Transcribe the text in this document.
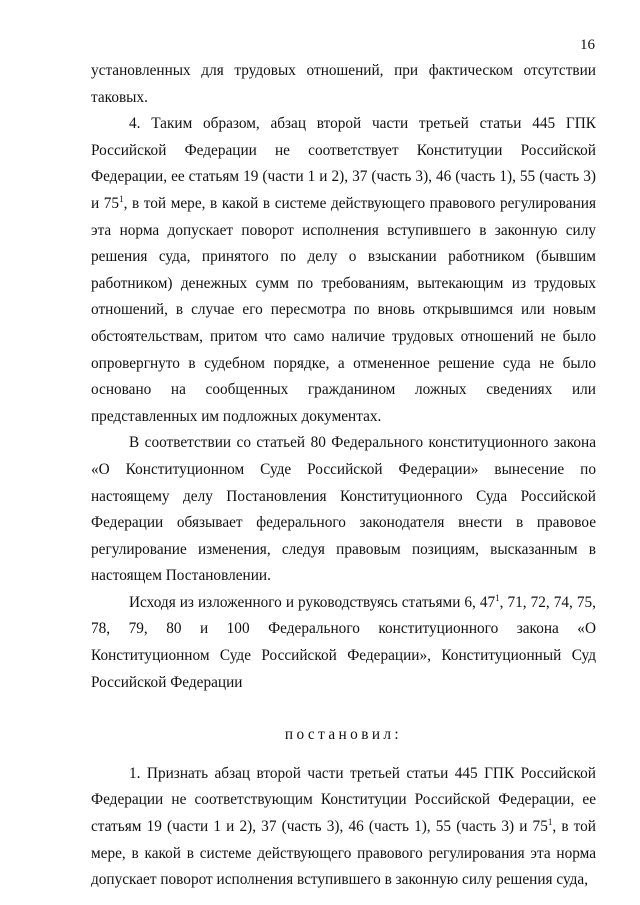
16

установленных для трудовых отношений, при фактическом отсутствии таковых.

4. Таким образом, абзац второй части третьей статьи 445 ГПК Российской Федерации не соответствует Конституции Российской Федерации, ее статьям 19 (части 1 и 2), 37 (часть 3), 46 (часть 1), 55 (часть 3) и $75^1$, в той мере, в какой в системе действующего правового регулирования эта норма допускает поворот исполнения вступившего в законную силу решения суда, принятого по делу о взыскании работником (бывшим работником) денежных сумм по требованиям, вытекающим из трудовых отношений, в случае его пересмотра по вновь открывшимся или новым обстоятельствам, притом что само наличие трудовых отношений не было опровергнуто в судебном порядке, а отмененное решение суда не было основано на сообщенных гражданином ложных сведениях или представленных им подложных документах.

В соответствии со статьей 80 Федерального конституционного закона «О Конституционном Суде Российской Федерации» вынесение по настоящему делу Постановления Конституционного Суда Российской Федерации обязывает федерального законодателя внести в правовое регулирование изменения, следуя правовым позициям, высказанным в настоящем Постановлении.

Исходя из изложенного и руководствуясь статьями 6, $47^1$, 71, 72, 74, 75, 78, 79, 80 и 100 Федерального конституционного закона «О Конституционном Суде Российской Федерации», Конституционный Суд Российской Федерации

постановил:

1. Признать абзац второй части третьей статьи 445 ГПК Российской Федерации не соответствующим Конституции Российской Федерации, ее статьям 19 (части 1 и 2), 37 (часть 3), 46 (часть 1), 55 (часть 3) и $75^1$, в той мере, в какой в системе действующего правового регулирования эта норма допускает поворот исполнения вступившего в законную силу решения суда,
